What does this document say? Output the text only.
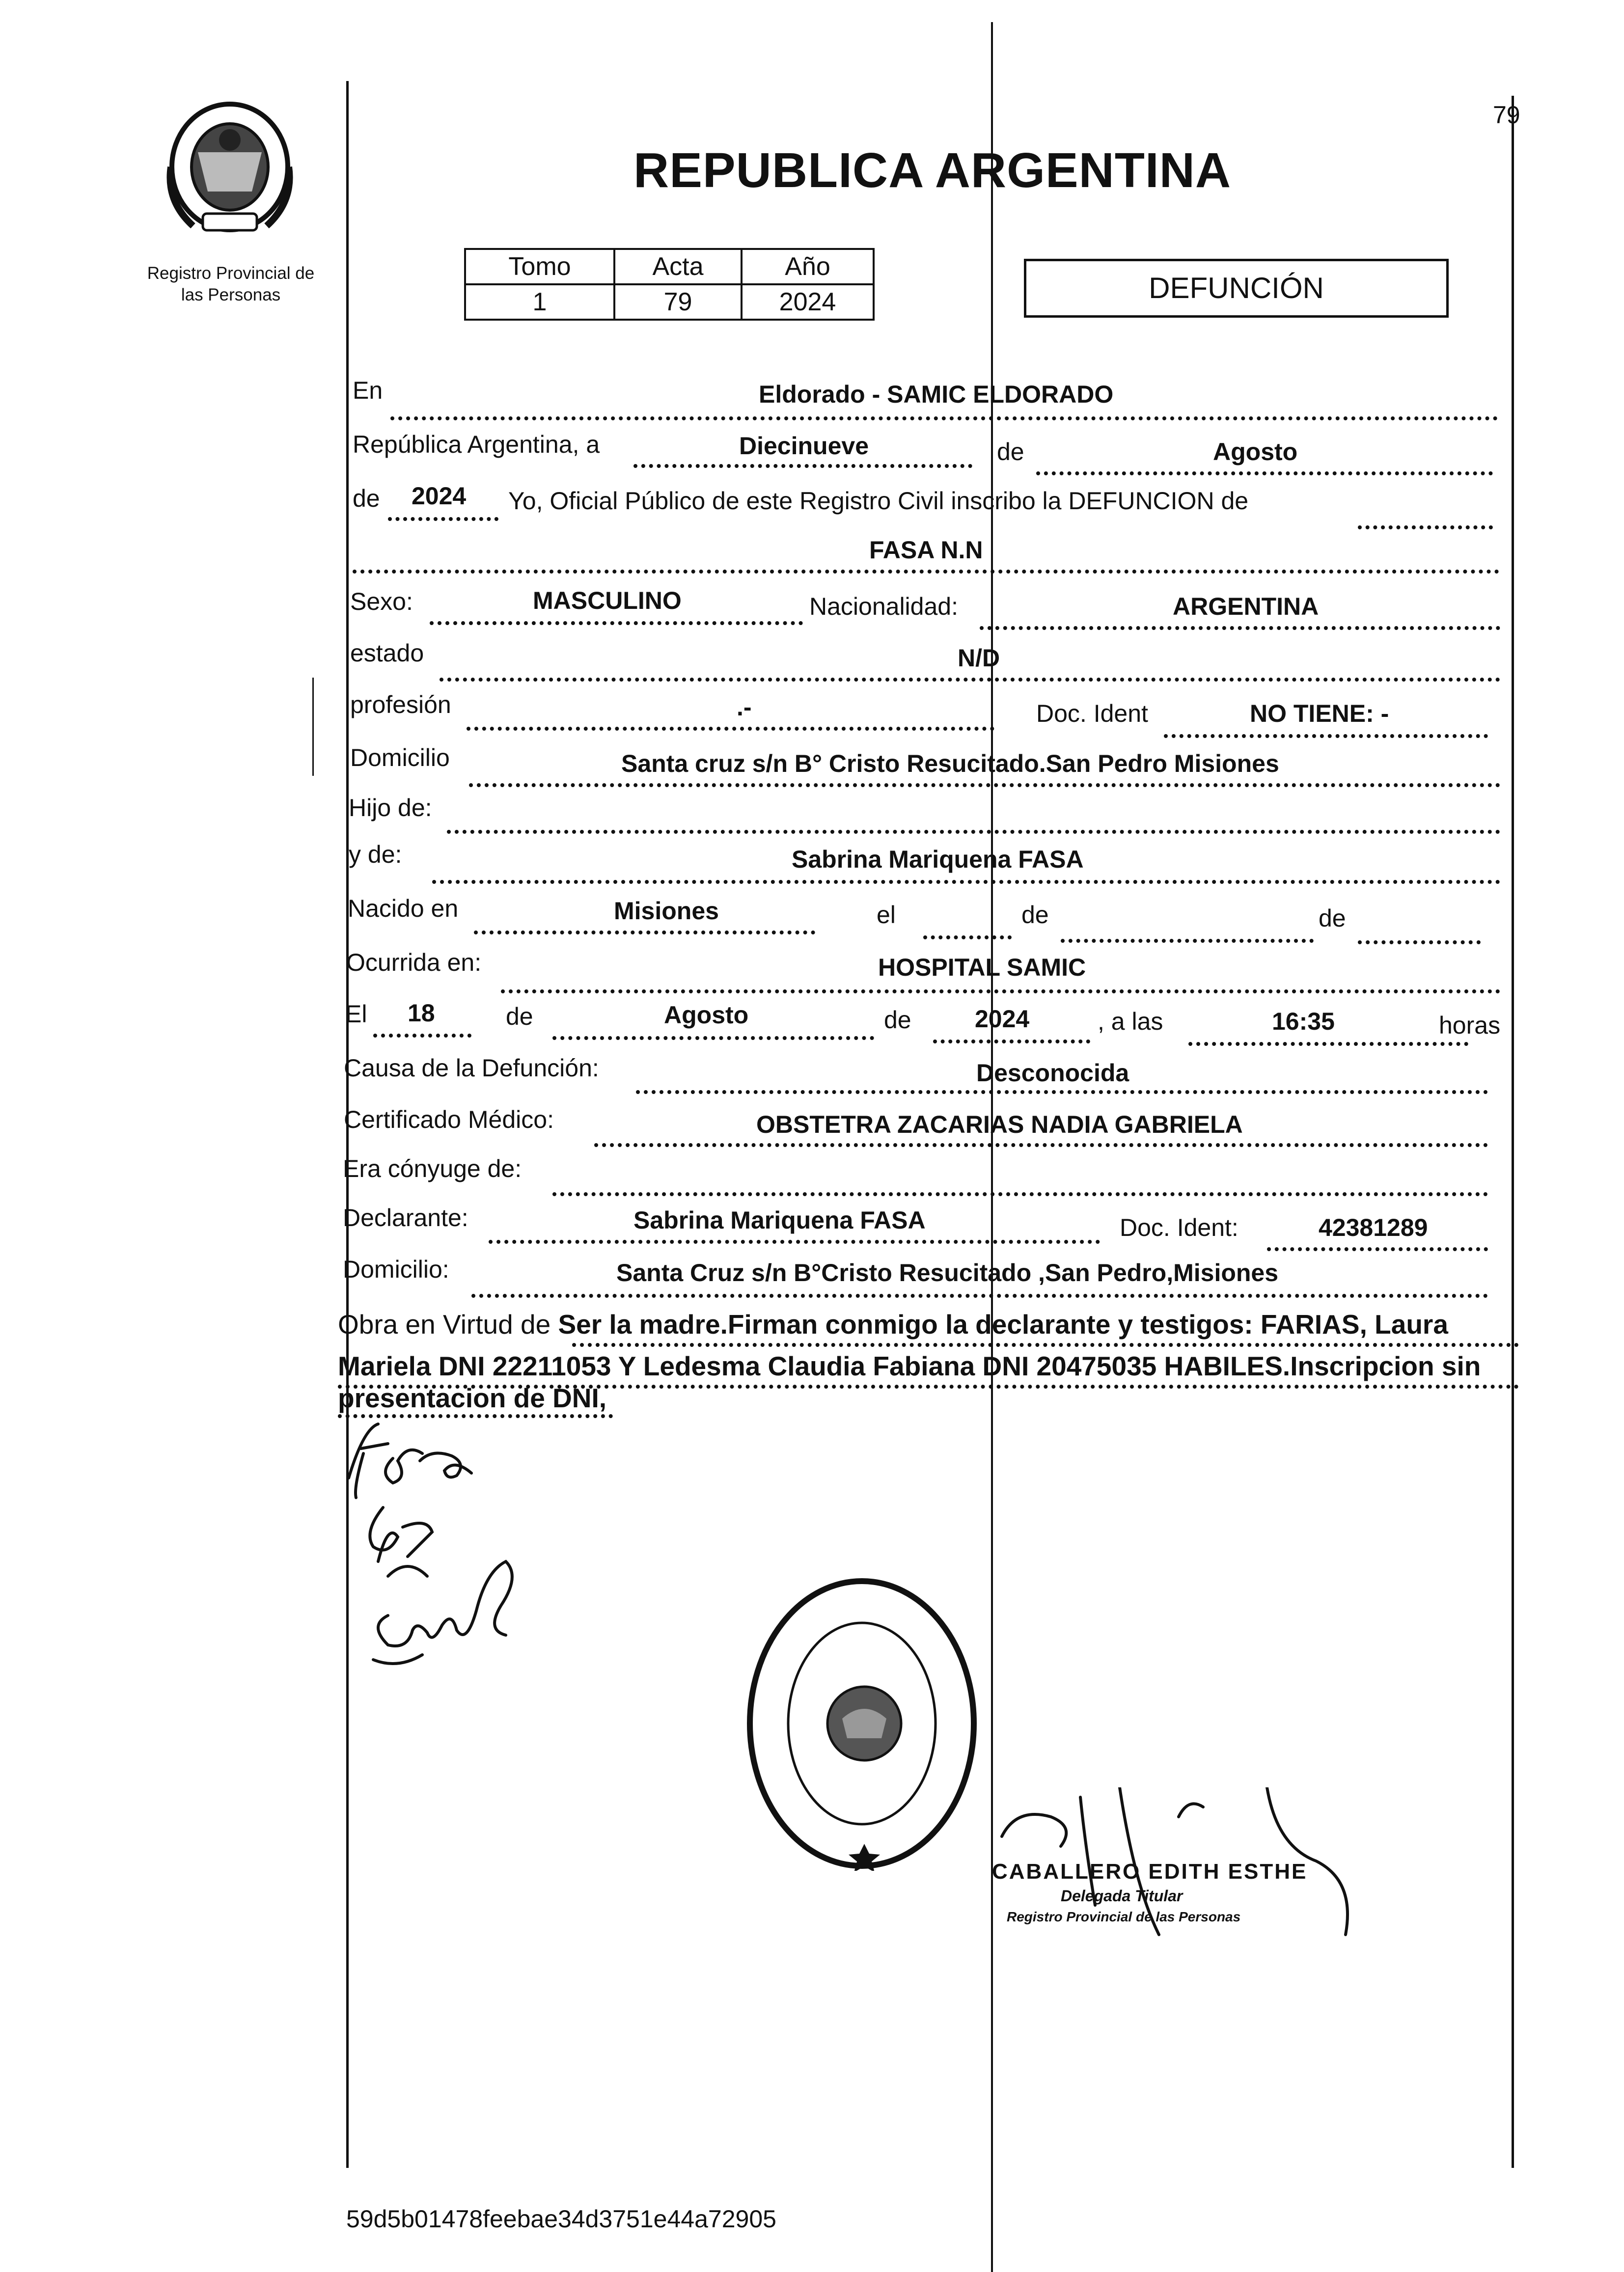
Registro Provincial de
las Personas
REPUBLICA ARGENTINA
79
Tomo	Acta	Año
1	79	2024	DEFUNCIÓN
En	Eldorado - SAMIC ELDORADO
República Argentina, a	Diecinueve	de	Agosto
de 2024 Yo, Oficial Público de este Registro Civil inscribo la DEFUNCION de
FASA N.N
Sexo:	MASCULINO	Nacionalidad:	ARGENTINA
estado	N/D
profesión	.-	Doc. Ident	NO TIENE: -
Domicilio	Santa cruz s/n B° Cristo Resucitado.San Pedro Misiones
Hijo de:
y de:	Sabrina Mariquena FASA
Nacido en	Misiones	el	de	de
Ocurrida en:	HOSPITAL SAMIC
El 18	de	Agosto	de	2024	, a las	16:35	horas
Causa de la Defunción:	Desconocida
Certificado Médico:	OBSTETRA ZACARIAS NADIA GABRIELA
Era cónyuge de:
Declarante:	Sabrina Mariquena FASA	Doc. Ident:	42381289
Domicilio:	Santa Cruz s/n B°Cristo Resucitado ,San Pedro,Misiones
Obra en Virtud de Ser la madre.Firman conmigo la declarante y testigos: FARIAS, Laura
Mariela DNI 22211053 Y Ledesma Claudia Fabiana DNI 20475035 HABILES.Inscripcion sin
presentacion de DNI,
CABALLERO EDITH ESTHE
Delegada Titular
Registro Provincial de las Personas
59d5b01478feebae34d3751e44a72905
